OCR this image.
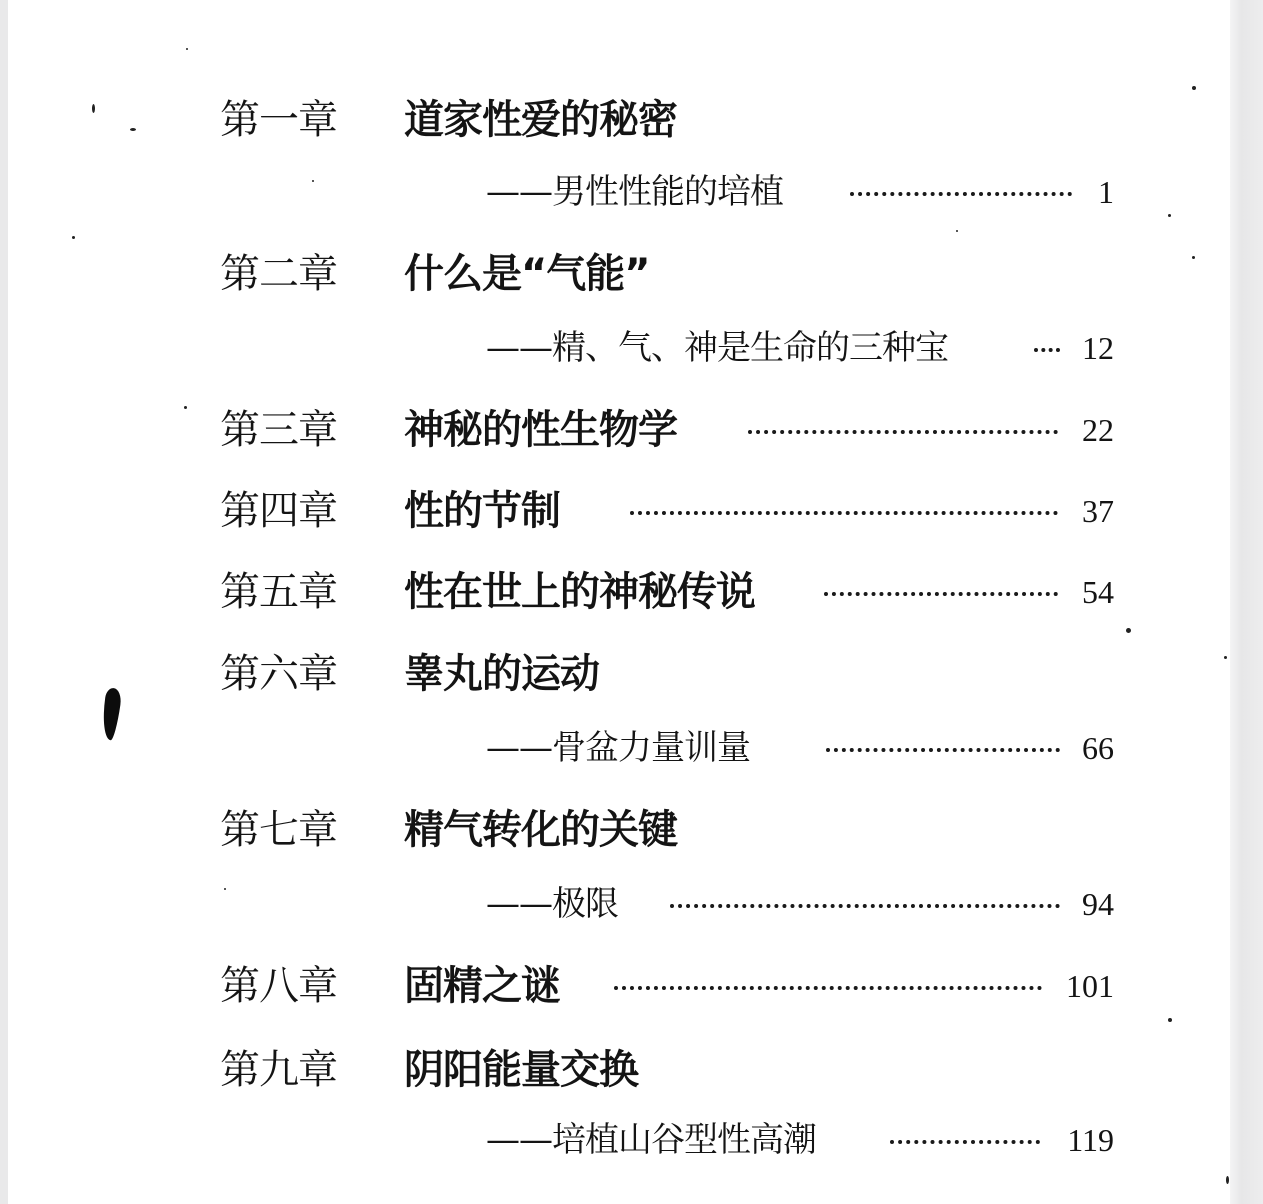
第一章 道家性爱的秘密
——男性性能的培植	1
第二章 什么是“气能”
——精、气、神是生命的三种宝	12
第三章 神秘的性生物学	22
第四章 性的节制	37
第五章 性在世上的神秘传说	54
第六章 睾丸的运动
——骨盆力量训量	66
第七章 精气转化的关键
——极限	94
第八章 固精之谜	101
第九章 阴阳能量交换
——培植山谷型性高潮	119
